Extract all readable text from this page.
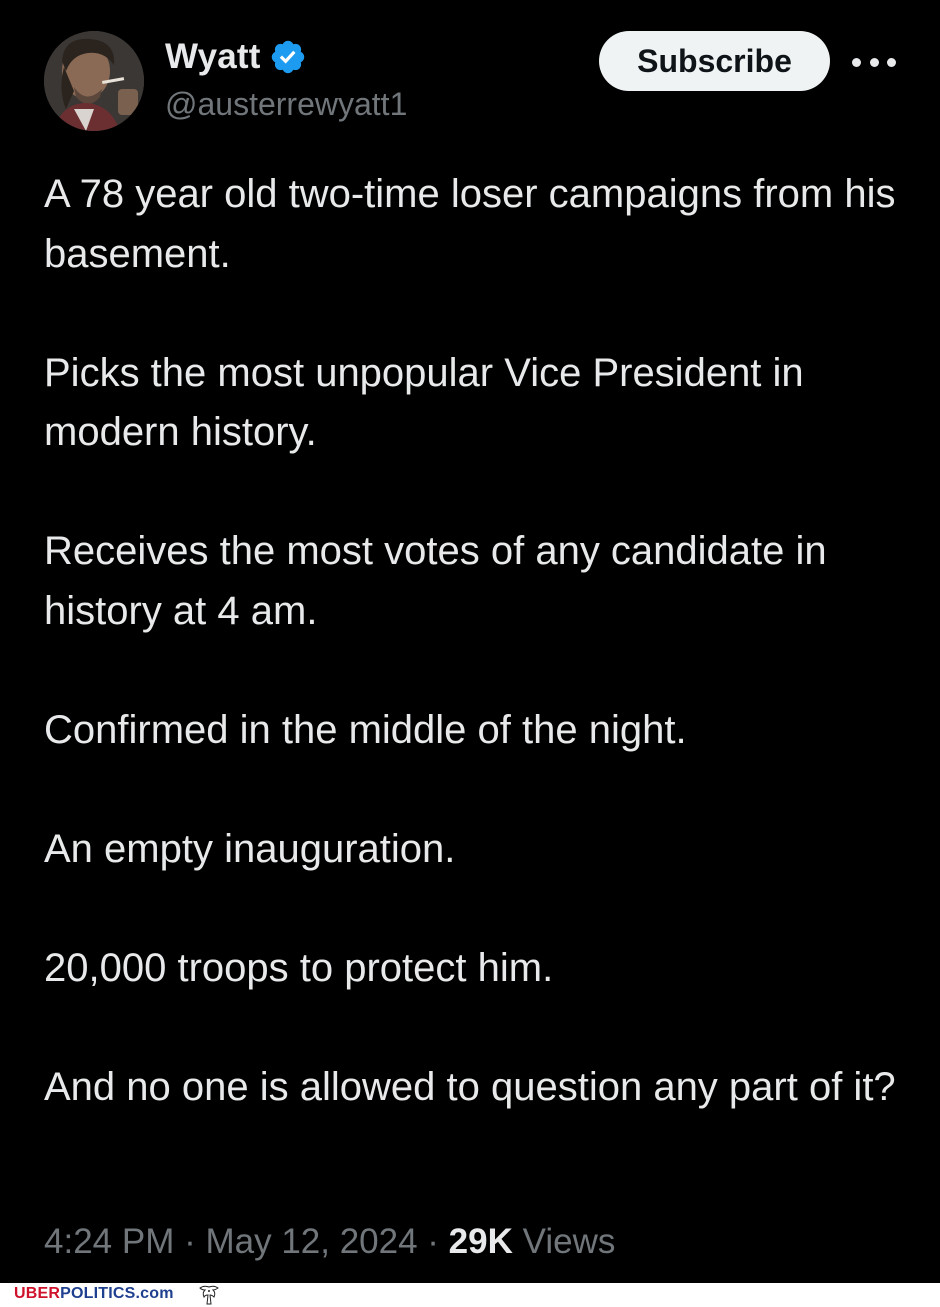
Wyatt
@austerrewyatt1
Subscribe

A 78 year old two-time loser campaigns from his basement.

Picks the most unpopular Vice President in modern history.

Receives the most votes of any candidate in history at 4 am.

Confirmed in the middle of the night.

An empty inauguration.

20,000 troops to protect him.

And no one is allowed to question any part of it?

4:24 PM · May 12, 2024 · 29K Views
UBERPOLITICS.com
